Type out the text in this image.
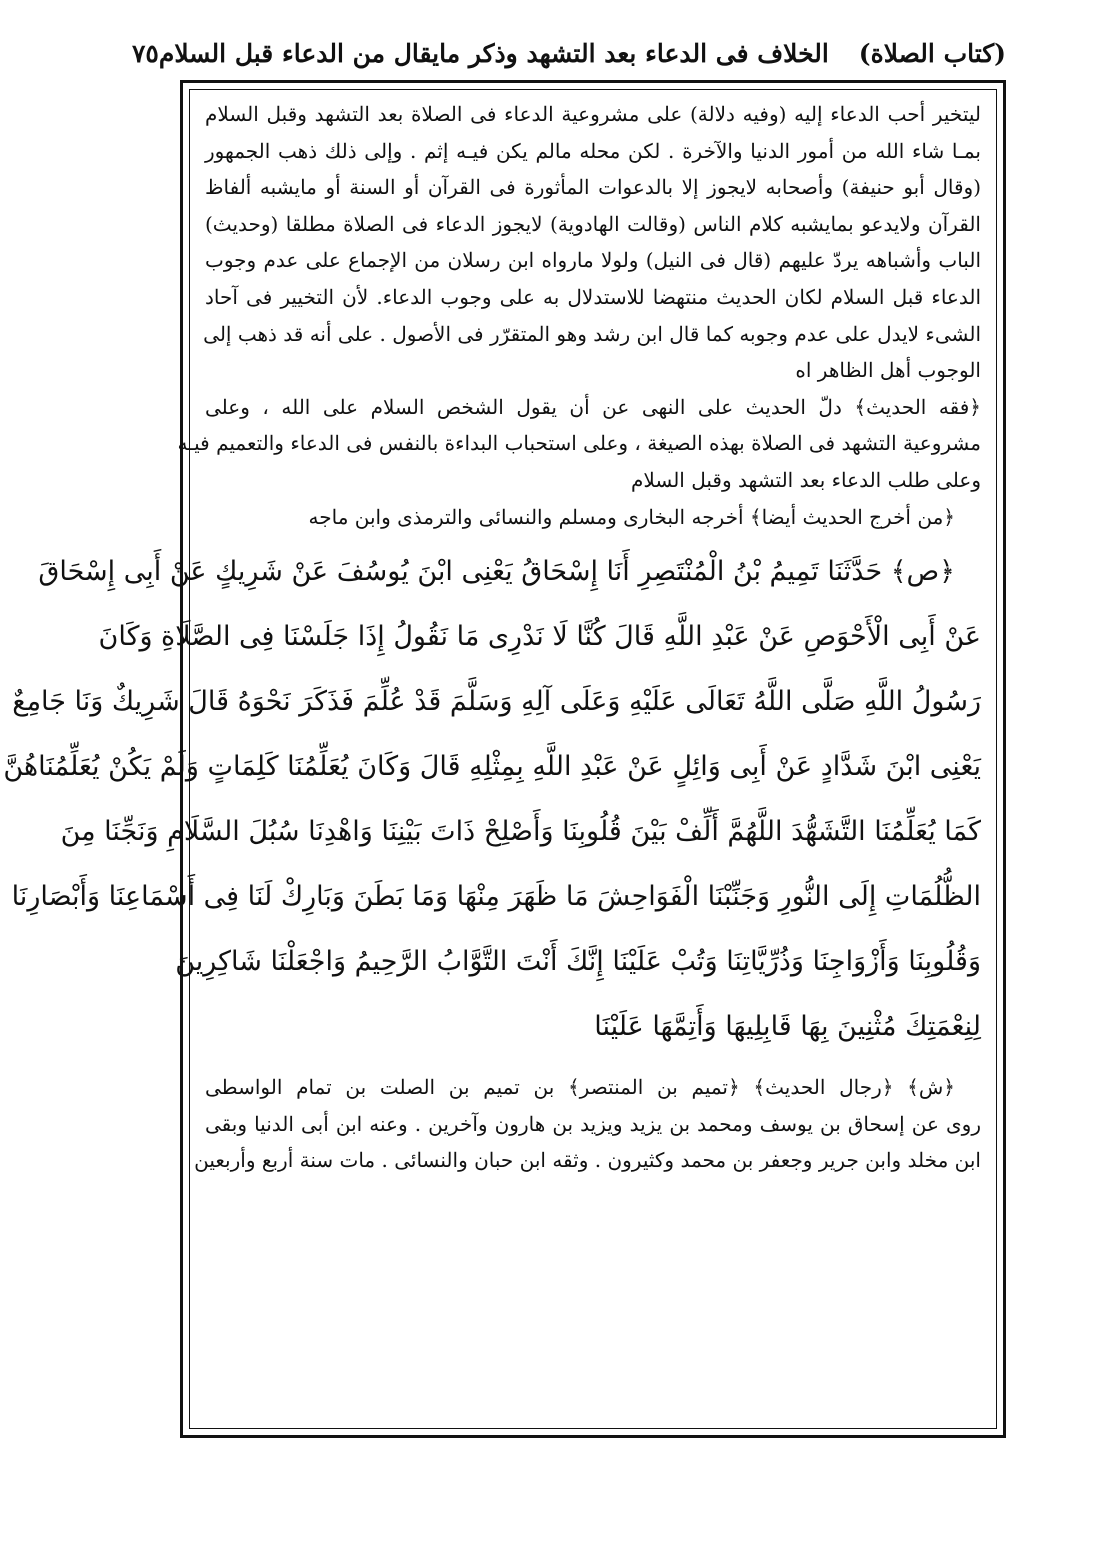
(كتاب الصلاة)
الخلاف فى الدعاء بعد التشهد وذكر مايقال من الدعاء قبل السلام
٧٥
ليتخير أحب الدعاء إليه (وفيه دلالة) على مشروعية الدعاء فى الصلاة بعد التشهد وقبل السلام
بمـا شاء الله من أمور الدنيا والآخرة . لكن محله مالم يكن فيـه إثم . وإلى ذلك ذهب الجمهور
(وقال أبو حنيفة) وأصحابه لايجوز إلا بالدعوات المأثورة فى القرآن أو السنة أو مايشبه ألفاظ
القرآن ولايدعو بمايشبه كلام الناس (وقالت الهادوية) لايجوز الدعاء فى الصلاة مطلقا (وحديث)
الباب وأشباهه يردّ عليهم (قال فى النيل) ولولا مارواه ابن رسلان من الإجماع على عدم وجوب
الدعاء قبل السلام لكان الحديث منتهضا للاستدلال به على وجوب الدعاء. لأن التخيير فى آحاد
الشىء لايدل على عدم وجوبه كما قال ابن رشد وهو المتقرّر فى الأصول . على أنه قد ذهب إلى
الوجوب أهل الظاهر اه
﴿فقه الحديث﴾ دلّ الحديث على النهى عن أن يقول الشخص السلام على الله ، وعلى
مشروعية التشهد فى الصلاة بهذه الصيغة ، وعلى استحباب البداءة بالنفس فى الدعاء والتعميم فيـه
وعلى طلب الدعاء بعد التشهد وقبل السلام
﴿من أخرج الحديث أيضا﴾ أخرجه البخارى ومسلم والنسائى والترمذى وابن ماجه
﴿ص﴾ حَدَّثَنَا تَمِيمُ بْنُ الْمُنْتَصِرِ أَنَا إِسْحَاقُ يَعْنِى ابْنَ يُوسُفَ عَنْ شَرِيكٍ عَنْ أَبِى إِسْحَاقَ
عَنْ أَبِى الْأَحْوَصِ عَنْ عَبْدِ اللَّهِ قَالَ كُنَّا لَا نَدْرِى مَا نَقُولُ إِذَا جَلَسْنَا فِى الصَّلَاةِ وَكَانَ
رَسُولُ اللَّهِ صَلَّى اللَّهُ تَعَالَى عَلَيْهِ وَعَلَى آلِهِ وَسَلَّمَ قَدْ عُلِّمَ فَذَكَرَ نَحْوَهُ قَالَ شَرِيكٌ وَنَا جَامِعٌ
يَعْنِى ابْنَ شَدَّادٍ عَنْ أَبِى وَائِلٍ عَنْ عَبْدِ اللَّهِ بِمِثْلِهِ قَالَ وَكَانَ يُعَلِّمُنَا كَلِمَاتٍ وَلَمْ يَكُنْ يُعَلِّمُنَاهُنَّ
كَمَا يُعَلِّمُنَا التَّشَهُّدَ اللَّهُمَّ أَلِّفْ بَيْنَ قُلُوبِنَا وَأَصْلِحْ ذَاتَ بَيْنِنَا وَاهْدِنَا سُبُلَ السَّلَامِ وَنَجِّنَا مِنَ
الظُّلُمَاتِ إِلَى النُّورِ وَجَنِّبْنَا الْفَوَاحِشَ مَا ظَهَرَ مِنْهَا وَمَا بَطَنَ وَبَارِكْ لَنَا فِى أَسْمَاعِنَا وَأَبْصَارِنَا
وَقُلُوبِنَا وَأَزْوَاجِنَا وَذُرِّيَّاتِنَا وَتُبْ عَلَيْنَا إِنَّكَ أَنْتَ التَّوَّابُ الرَّحِيمُ وَاجْعَلْنَا شَاكِرِينَ
لِنِعْمَتِكَ مُثْنِينَ بِهَا قَابِلِيهَا وَأَتِمَّهَا عَلَيْنَا
﴿ش﴾ ﴿رجال الحديث﴾ ﴿تميم بن المنتصر﴾ بن تميم بن الصلت بن تمام الواسطى
روى عن إسحاق بن يوسف ومحمد بن يزيد ويزيد بن هارون وآخرين . وعنه ابن أبى الدنيا وبقى
ابن مخلد وابن جرير وجعفر بن محمد وكثيرون . وثقه ابن حبان والنسائى . مات سنة أربع وأربعين
